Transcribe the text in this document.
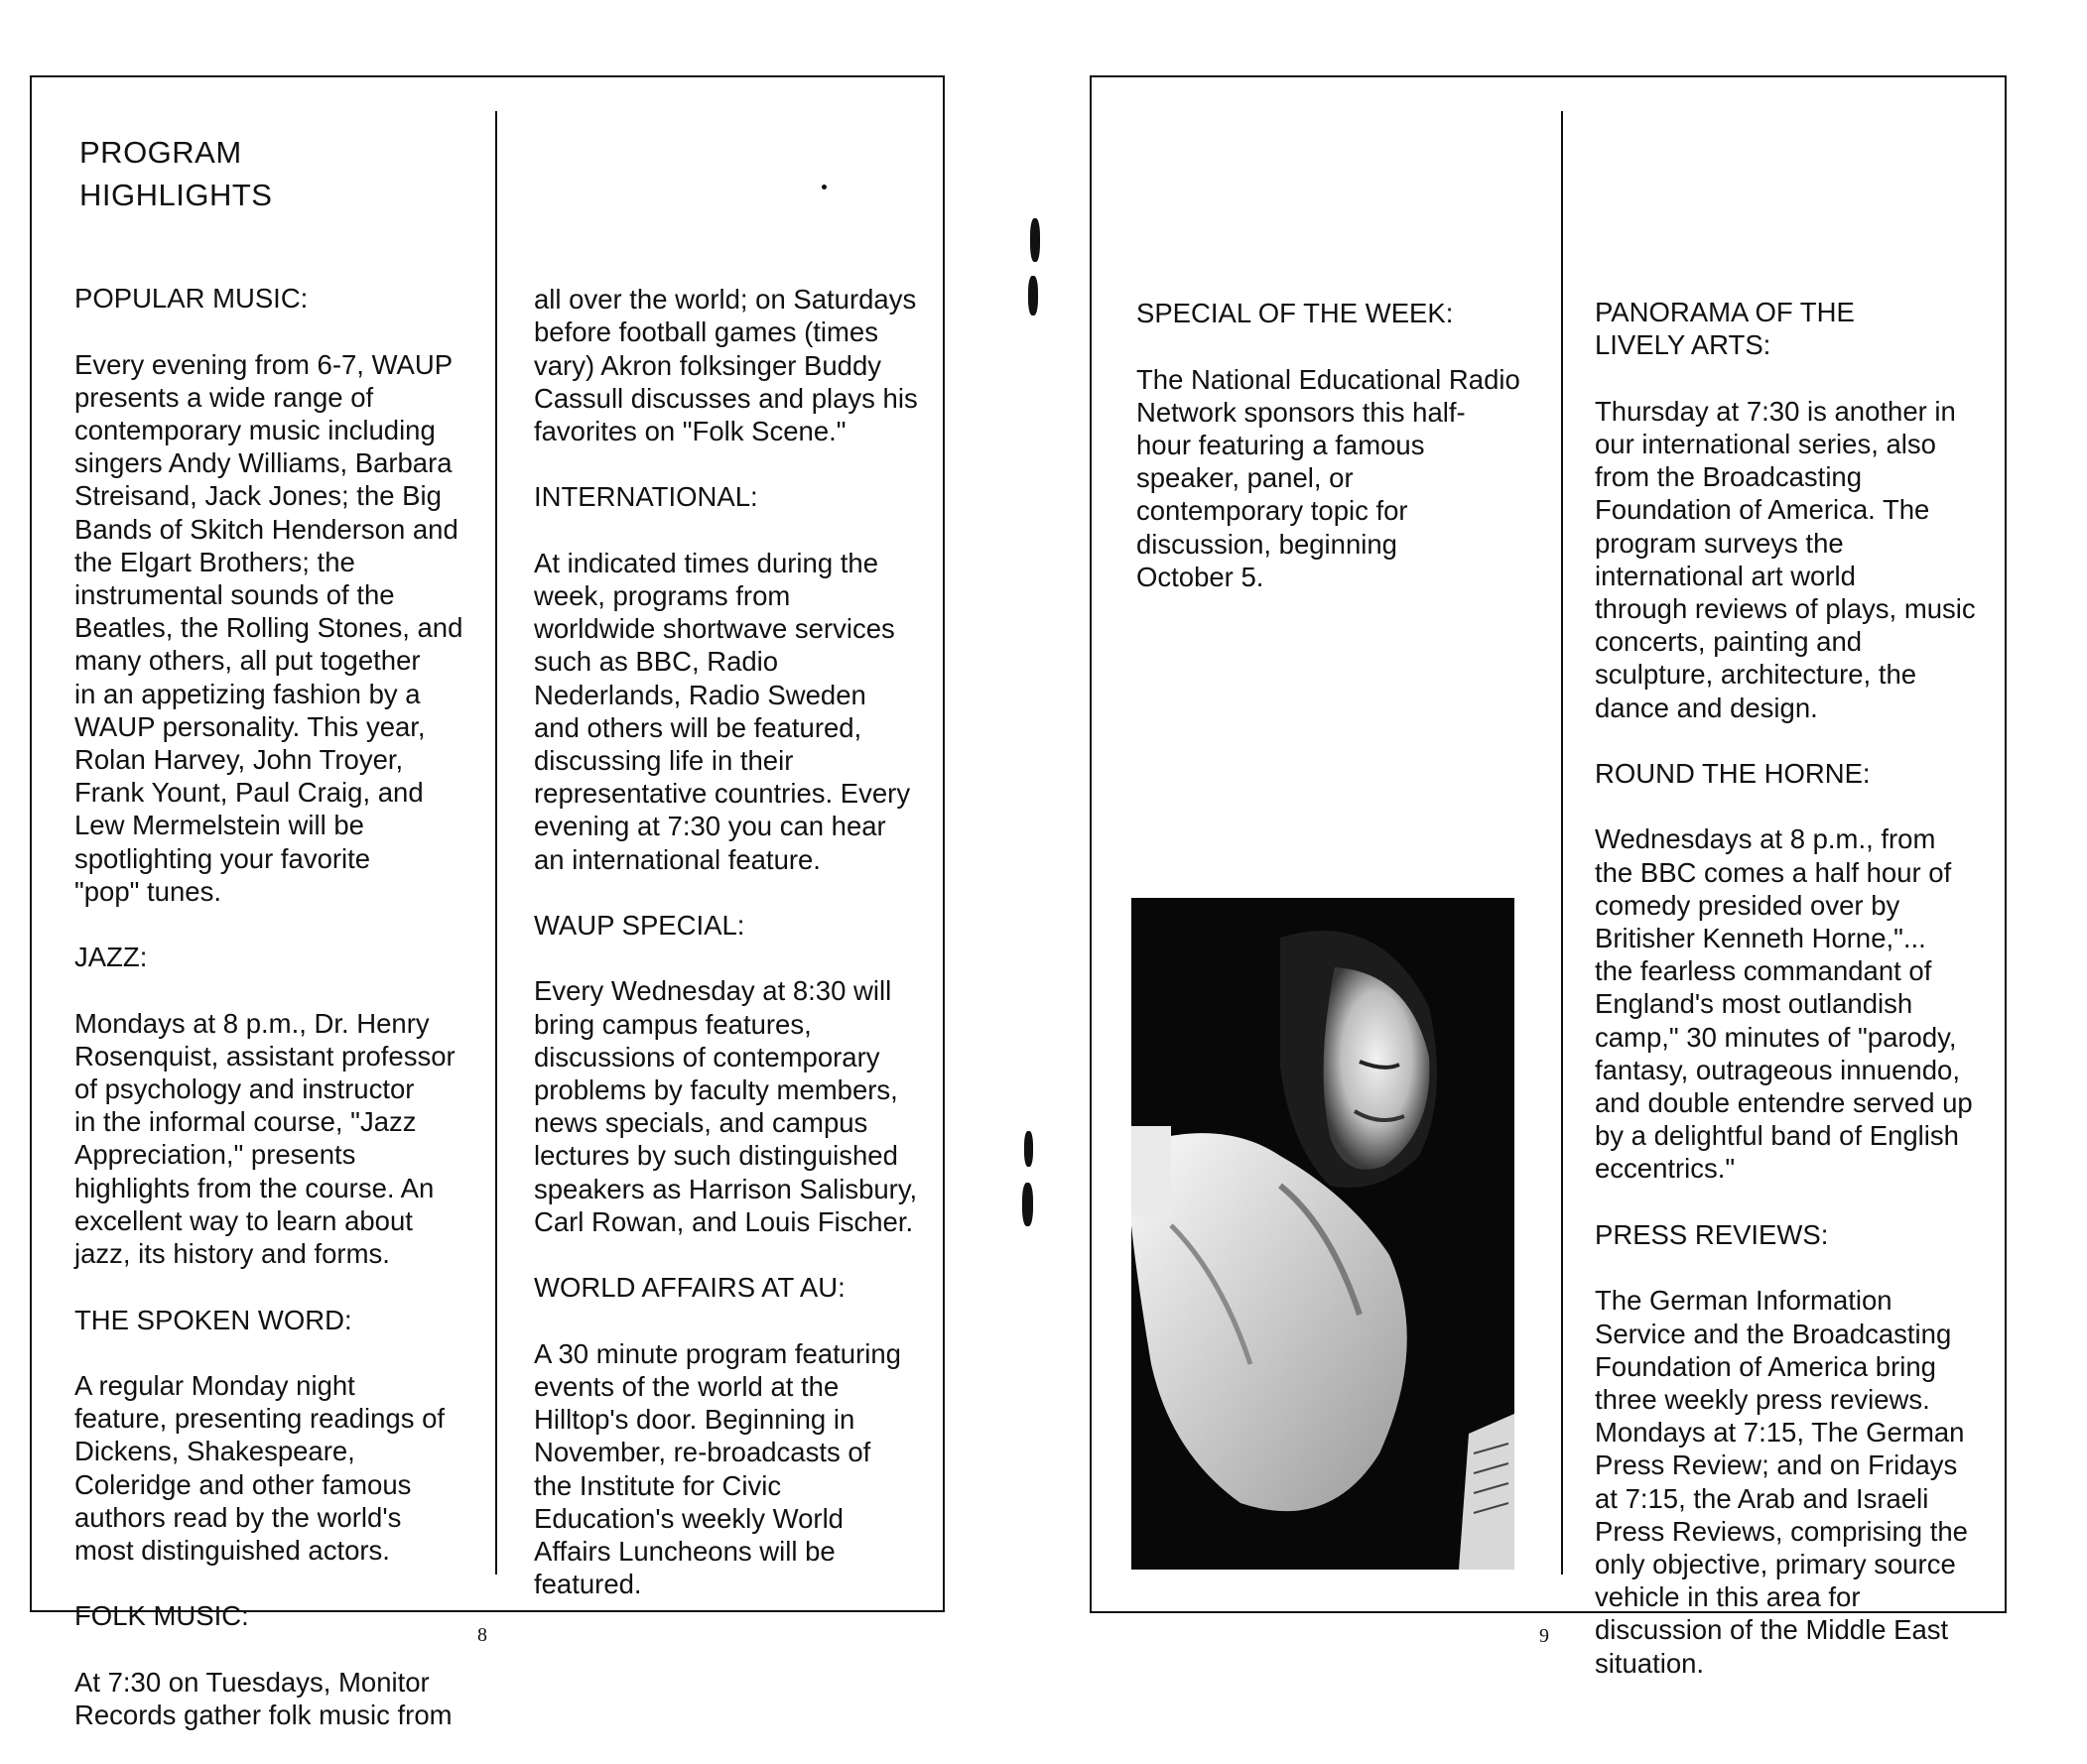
PROGRAM
HIGHLIGHTS

POPULAR MUSIC:

Every evening from 6-7, WAUP
presents a wide range of
contemporary music including
singers Andy Williams, Barbara
Streisand, Jack Jones; the Big
Bands of Skitch Henderson and
the Elgart Brothers; the
instrumental sounds of the
Beatles, the Rolling Stones, and
many others, all put together
in an appetizing fashion by a
WAUP personality. This year,
Rolan Harvey, John Troyer,
Frank Yount, Paul Craig, and
Lew Mermelstein will be
spotlighting your favorite
"pop" tunes.

JAZZ:

Mondays at 8 p.m., Dr. Henry
Rosenquist, assistant professor
of psychology and instructor
in the informal course, "Jazz
Appreciation," presents
highlights from the course. An
excellent way to learn about
jazz, its history and forms.

THE SPOKEN WORD:

A regular Monday night
feature, presenting readings of
Dickens, Shakespeare,
Coleridge and other famous
authors read by the world's
most distinguished actors.

FOLK MUSIC:

At 7:30 on Tuesdays, Monitor
Records gather folk music from

all over the world; on Saturdays
before football games (times
vary) Akron folksinger Buddy
Cassull discusses and plays his
favorites on "Folk Scene."

INTERNATIONAL:

At indicated times during the
week, programs from
worldwide shortwave services
such as BBC, Radio
Nederlands, Radio Sweden
and others will be featured,
discussing life in their
representative countries. Every
evening at 7:30 you can hear
an international feature.

WAUP SPECIAL:

Every Wednesday at 8:30 will
bring campus features,
discussions of contemporary
problems by faculty members,
news specials, and campus
lectures by such distinguished
speakers as Harrison Salisbury,
Carl Rowan, and Louis Fischer.

WORLD AFFAIRS AT AU:

A 30 minute program featuring
events of the world at the
Hilltop's door. Beginning in
November, re-broadcasts of
the Institute for Civic
Education's weekly World
Affairs Luncheons will be
featured.

8

SPECIAL OF THE WEEK:

The National Educational Radio
Network sponsors this half-
hour featuring a famous
speaker, panel, or
contemporary topic for
discussion, beginning
October 5.

PANORAMA OF THE
LIVELY ARTS:

Thursday at 7:30 is another in
our international series, also
from the Broadcasting
Foundation of America. The
program surveys the
international art world
through reviews of plays, music
concerts, painting and
sculpture, architecture, the
dance and design.

ROUND THE HORNE:

Wednesdays at 8 p.m., from
the BBC comes a half hour of
comedy presided over by
Britisher Kenneth Horne,"...
the fearless commandant of
England's most outlandish
camp," 30 minutes of "parody,
fantasy, outrageous innuendo,
and double entendre served up
by a delightful band of English
eccentrics."

PRESS REVIEWS:

The German Information
Service and the Broadcasting
Foundation of America bring
three weekly press reviews.
Mondays at 7:15, The German
Press Review; and on Fridays
at 7:15, the Arab and Israeli
Press Reviews, comprising the
only objective, primary source
vehicle in this area for
discussion of the Middle East
situation.

9
